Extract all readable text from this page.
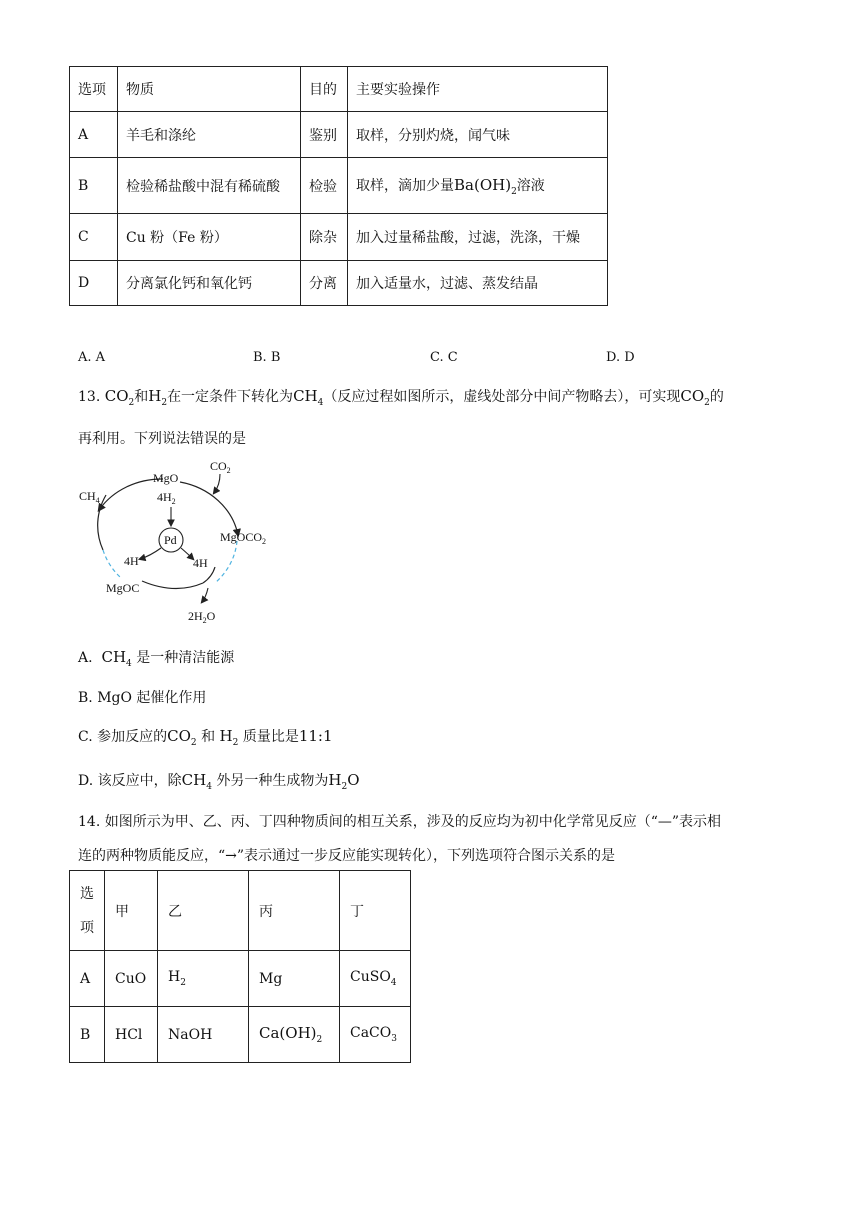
选项	物质	目的	主要实验操作
A	羊毛和涤纶	鉴别	取样，分别灼烧，闻气味
B	检验稀盐酸中混有稀硫酸	检验	取样，滴加少量$Ba(OH)_2$溶液
C	Cu 粉（Fe 粉）	除杂	加入过量稀盐酸，过滤，洗涤，干燥
D	分离氯化钙和氧化钙	分离	加入适量水，过滤、蒸发结晶
A. A	B. B	C. C	D. D
13. $CO_2$和$H_2$在一定条件下转化为$CH_4$（反应过程如图所示，虚线处部分中间产物略去），可实现$CO_2$的
再利用。下列说法错误的是
MgO
$CO_2$
$4H_2$
Pd	MgOCO$_2$
$CH_4$
4H	4H
MgOC
$2H_2O$
A. $CH_4$ 是一种清洁能源
B. MgO 起催化作用
C. 参加反应的$CO_2$ 和 $H_2$ 质量比是11:1
D. 该反应中，除$CH_4$ 外另一种生成物为$H_2O$
14. 如图所示为甲、乙、丙、丁四种物质间的相互关系，涉及的反应均为初中化学常见反应（“—”表示相
连的两种物质能反应，“→”表示通过一步反应能实现转化），下列选项符合图示关系的是
选项	甲	乙	丙	丁
A	CuO	$H_2$	Mg	CuSO$_4$
B	HCl	NaOH	$Ca(OH)_2$	CaCO$_3$
